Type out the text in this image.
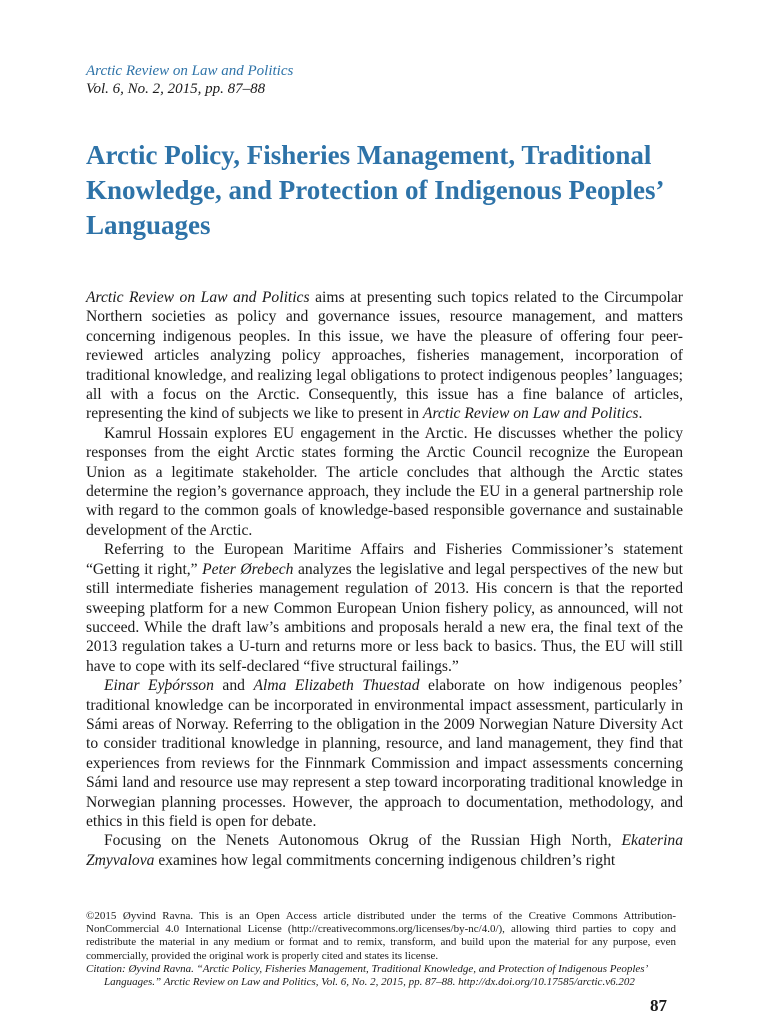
Arctic Review on Law and Politics

Vol. 6, No. 2, 2015, pp. 87–88

Arctic Policy, Fisheries Management, Traditional Knowledge, and Protection of Indigenous Peoples’ Languages

Arctic Review on Law and Politics aims at presenting such topics related to the Circumpolar Northern societies as policy and governance issues, resource management, and matters concerning indigenous peoples. In this issue, we have the pleasure of offering four peer-reviewed articles analyzing policy approaches, fisheries management, incorporation of traditional knowledge, and realizing legal obligations to protect indigenous peoples’ languages; all with a focus on the Arctic. Consequently, this issue has a fine balance of articles, representing the kind of subjects we like to present in Arctic Review on Law and Politics.

Kamrul Hossain explores EU engagement in the Arctic. He discusses whether the policy responses from the eight Arctic states forming the Arctic Council recognize the European Union as a legitimate stakeholder. The article concludes that although the Arctic states determine the region’s governance approach, they include the EU in a general partnership role with regard to the common goals of knowledge-based responsible governance and sustainable development of the Arctic.

Referring to the European Maritime Affairs and Fisheries Commissioner’s statement “Getting it right,” Peter Ørebech analyzes the legislative and legal perspectives of the new but still intermediate fisheries management regulation of 2013. His concern is that the reported sweeping platform for a new Common European Union fishery policy, as announced, will not succeed. While the draft law’s ambitions and proposals herald a new era, the final text of the 2013 regulation takes a U-turn and returns more or less back to basics. Thus, the EU will still have to cope with its self-declared “five structural failings.”

Einar Eyþórsson and Alma Elizabeth Thuestad elaborate on how indigenous peoples’ traditional knowledge can be incorporated in environmental impact assessment, particularly in Sámi areas of Norway. Referring to the obligation in the 2009 Norwegian Nature Diversity Act to consider traditional knowledge in planning, resource, and land management, they find that experiences from reviews for the Finnmark Commission and impact assessments concerning Sámi land and resource use may represent a step toward incorporating traditional knowledge in Norwegian planning processes. However, the approach to documentation, methodology, and ethics in this field is open for debate.

Focusing on the Nenets Autonomous Okrug of the Russian High North, Ekaterina Zmyvalova examines how legal commitments concerning indigenous children’s right

©2015 Øyvind Ravna. This is an Open Access article distributed under the terms of the Creative Commons Attribution-NonCommercial 4.0 International License (http://creativecommons.org/licenses/by-nc/4.0/), allowing third parties to copy and redistribute the material in any medium or format and to remix, transform, and build upon the material for any purpose, even commercially, provided the original work is properly cited and states its license.

Citation: Øyvind Ravna. “Arctic Policy, Fisheries Management, Traditional Knowledge, and Protection of Indigenous Peoples’
Languages.” Arctic Review on Law and Politics, Vol. 6, No. 2, 2015, pp. 87–88. http://dx.doi.org/10.17585/arctic.v6.202

87
